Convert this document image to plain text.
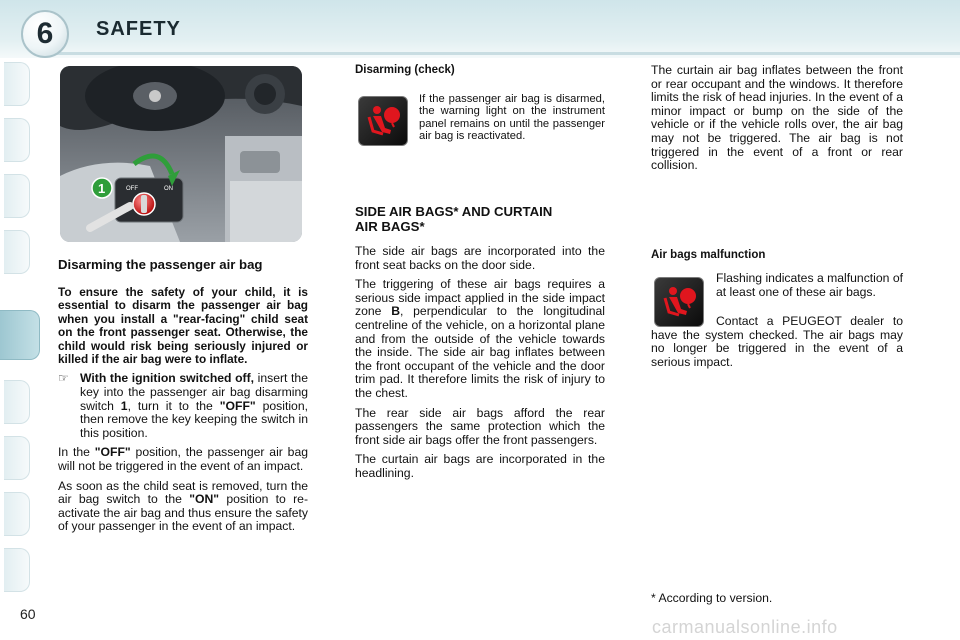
6	SAFETY
OFF	ON
1

Disarming the passenger air bag

To ensure the safety of your child, it is essential to disarm the passenger air bag when you install a "rear-facing" child seat on the front passenger seat. Otherwise, the child would risk being seriously injured or killed if the air bag were to inflate.

☞ With the ignition switched off, insert the key into the passenger air bag disarming switch 1, turn it to the "OFF" position, then remove the key keeping the switch in this position.

In the "OFF" position, the passenger air bag will not be triggered in the event of an impact.

As soon as the child seat is removed, turn the air bag switch to the "ON" position to re-activate the air bag and thus ensure the safety of your passenger in the event of an impact.

Disarming (check)

If the passenger air bag is disarmed, the warning light on the instrument panel remains on until the passenger air bag is reactivated.

SIDE AIR BAGS* AND CURTAIN AIR BAGS*

The side air bags are incorporated into the front seat backs on the door side.

The triggering of these air bags requires a serious side impact applied in the side impact zone B, perpendicular to the longitudinal centreline of the vehicle, on a horizontal plane and from the outside of the vehicle towards the inside. The side air bag inflates between the front occupant of the vehicle and the door trim pad. It therefore limits the risk of injury to the chest.

The rear side air bags afford the rear passengers the same protection which the front side air bags offer the front passengers.

The curtain air bags are incorporated in the headlining.

The curtain air bag inflates between the front or rear occupant and the windows. It therefore limits the risk of head injuries. In the event of a minor impact or bump on the side of the vehicle or if the vehicle rolls over, the air bag may not be triggered. The air bag is not triggered in the event of a front or rear collision.

Air bags malfunction

Flashing indicates a malfunction of at least one of these air bags.

Contact a PEUGEOT dealer to have the system checked. The air bags may no longer be triggered in the event of a serious impact.

* According to version.
60
carmanualsonline.info
